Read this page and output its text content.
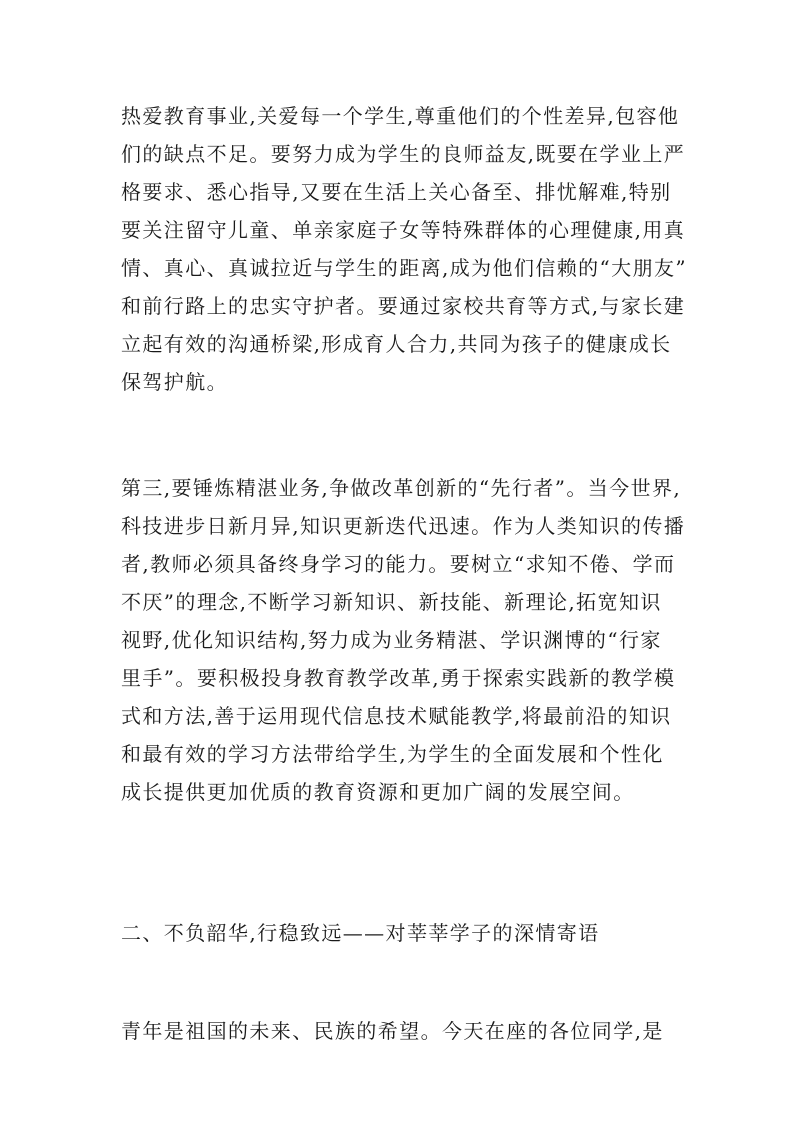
热爱教育事业,关爱每一个学生,尊重他们的个性差异,包容他
们的缺点不足。要努力成为学生的良师益友,既要在学业上严
格要求、悉心指导,又要在生活上关心备至、排忧解难,特别
要关注留守儿童、单亲家庭子女等特殊群体的心理健康,用真
情、真心、真诚拉近与学生的距离,成为他们信赖的“大朋友”
和前行路上的忠实守护者。要通过家校共育等方式,与家长建
立起有效的沟通桥梁,形成育人合力,共同为孩子的健康成长
保驾护航。
第三,要锤炼精湛业务,争做改革创新的“先行者”。当今世界,
科技进步日新月异,知识更新迭代迅速。作为人类知识的传播
者,教师必须具备终身学习的能力。要树立“求知不倦、学而
不厌”的理念,不断学习新知识、新技能、新理论,拓宽知识
视野,优化知识结构,努力成为业务精湛、学识渊博的“行家
里手”。要积极投身教育教学改革,勇于探索实践新的教学模
式和方法,善于运用现代信息技术赋能教学,将最前沿的知识
和最有效的学习方法带给学生,为学生的全面发展和个性化
成长提供更加优质的教育资源和更加广阔的发展空间。
二、不负韶华,行稳致远——对莘莘学子的深情寄语
青年是祖国的未来、民族的希望。今天在座的各位同学,是
